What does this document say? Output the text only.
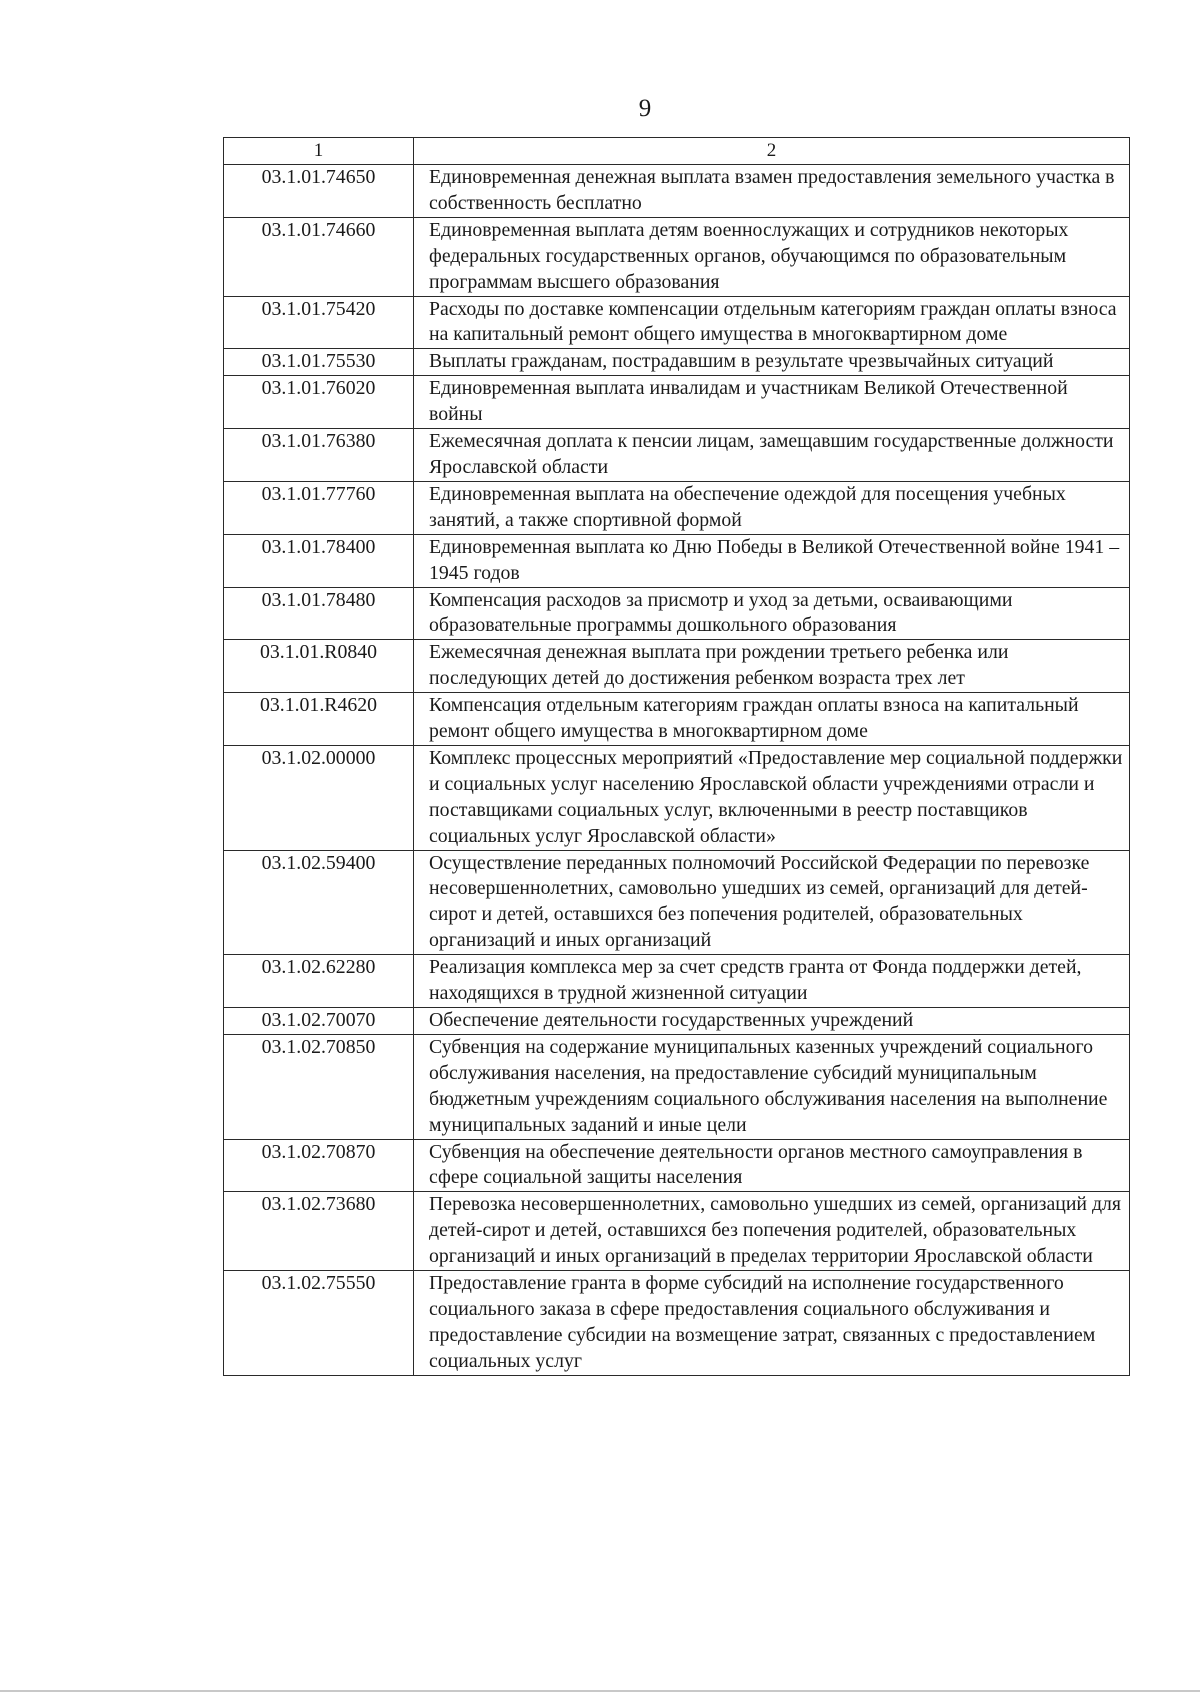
9
1	2
03.1.01.74650	Единовременная денежная выплата взамен предоставления земельного участка в собственность бесплатно
03.1.01.74660	Единовременная выплата детям военнослужащих и сотрудников некоторых федеральных государственных органов, обучающимся по образовательным программам высшего образования
03.1.01.75420	Расходы по доставке компенсации отдельным категориям граждан оплаты взноса на капитальный ремонт общего имущества в многоквартирном доме
03.1.01.75530	Выплаты гражданам, пострадавшим в результате чрезвычайных ситуаций
03.1.01.76020	Единовременная выплата инвалидам и участникам Великой Отечественной войны
03.1.01.76380	Ежемесячная доплата к пенсии лицам, замещавшим государственные должности Ярославской области
03.1.01.77760	Единовременная выплата на обеспечение одеждой для посещения учебных занятий, а также спортивной формой
03.1.01.78400	Единовременная выплата ко Дню Победы в Великой Отечественной войне 1941 – 1945 годов
03.1.01.78480	Компенсация расходов за присмотр и уход за детьми, осваивающими образовательные программы дошкольного образования
03.1.01.R0840	Ежемесячная денежная выплата при рождении третьего ребенка или последующих детей до достижения ребенком возраста трех лет
03.1.01.R4620	Компенсация отдельным категориям граждан оплаты взноса на капитальный ремонт общего имущества в многоквартирном доме
03.1.02.00000	Комплекс процессных мероприятий «Предоставление мер социальной поддержки и социальных услуг населению Ярославской области учреждениями отрасли и поставщиками социальных услуг, включенными в реестр поставщиков социальных услуг Ярославской области»
03.1.02.59400	Осуществление переданных полномочий Российской Федерации по перевозке несовершеннолетних, самовольно ушедших из семей, организаций для детей-сирот и детей, оставшихся без попечения родителей, образовательных организаций и иных организаций
03.1.02.62280	Реализация комплекса мер за счет средств гранта от Фонда поддержки детей, находящихся в трудной жизненной ситуации
03.1.02.70070	Обеспечение деятельности государственных учреждений
03.1.02.70850	Субвенция на содержание муниципальных казенных учреждений социального обслуживания населения, на предоставление субсидий муниципальным бюджетным учреждениям социального обслуживания населения на выполнение муниципальных заданий и иные цели
03.1.02.70870	Субвенция на обеспечение деятельности органов местного самоуправления в сфере социальной защиты населения
03.1.02.73680	Перевозка несовершеннолетних, самовольно ушедших из семей, организаций для детей-сирот и детей, оставшихся без попечения родителей, образовательных организаций и иных организаций в пределах территории Ярославской области
03.1.02.75550	Предоставление гранта в форме субсидий на исполнение государственного социального заказа в сфере предоставления социального обслуживания и предоставление субсидии на возмещение затрат, связанных с предоставлением социальных услуг
